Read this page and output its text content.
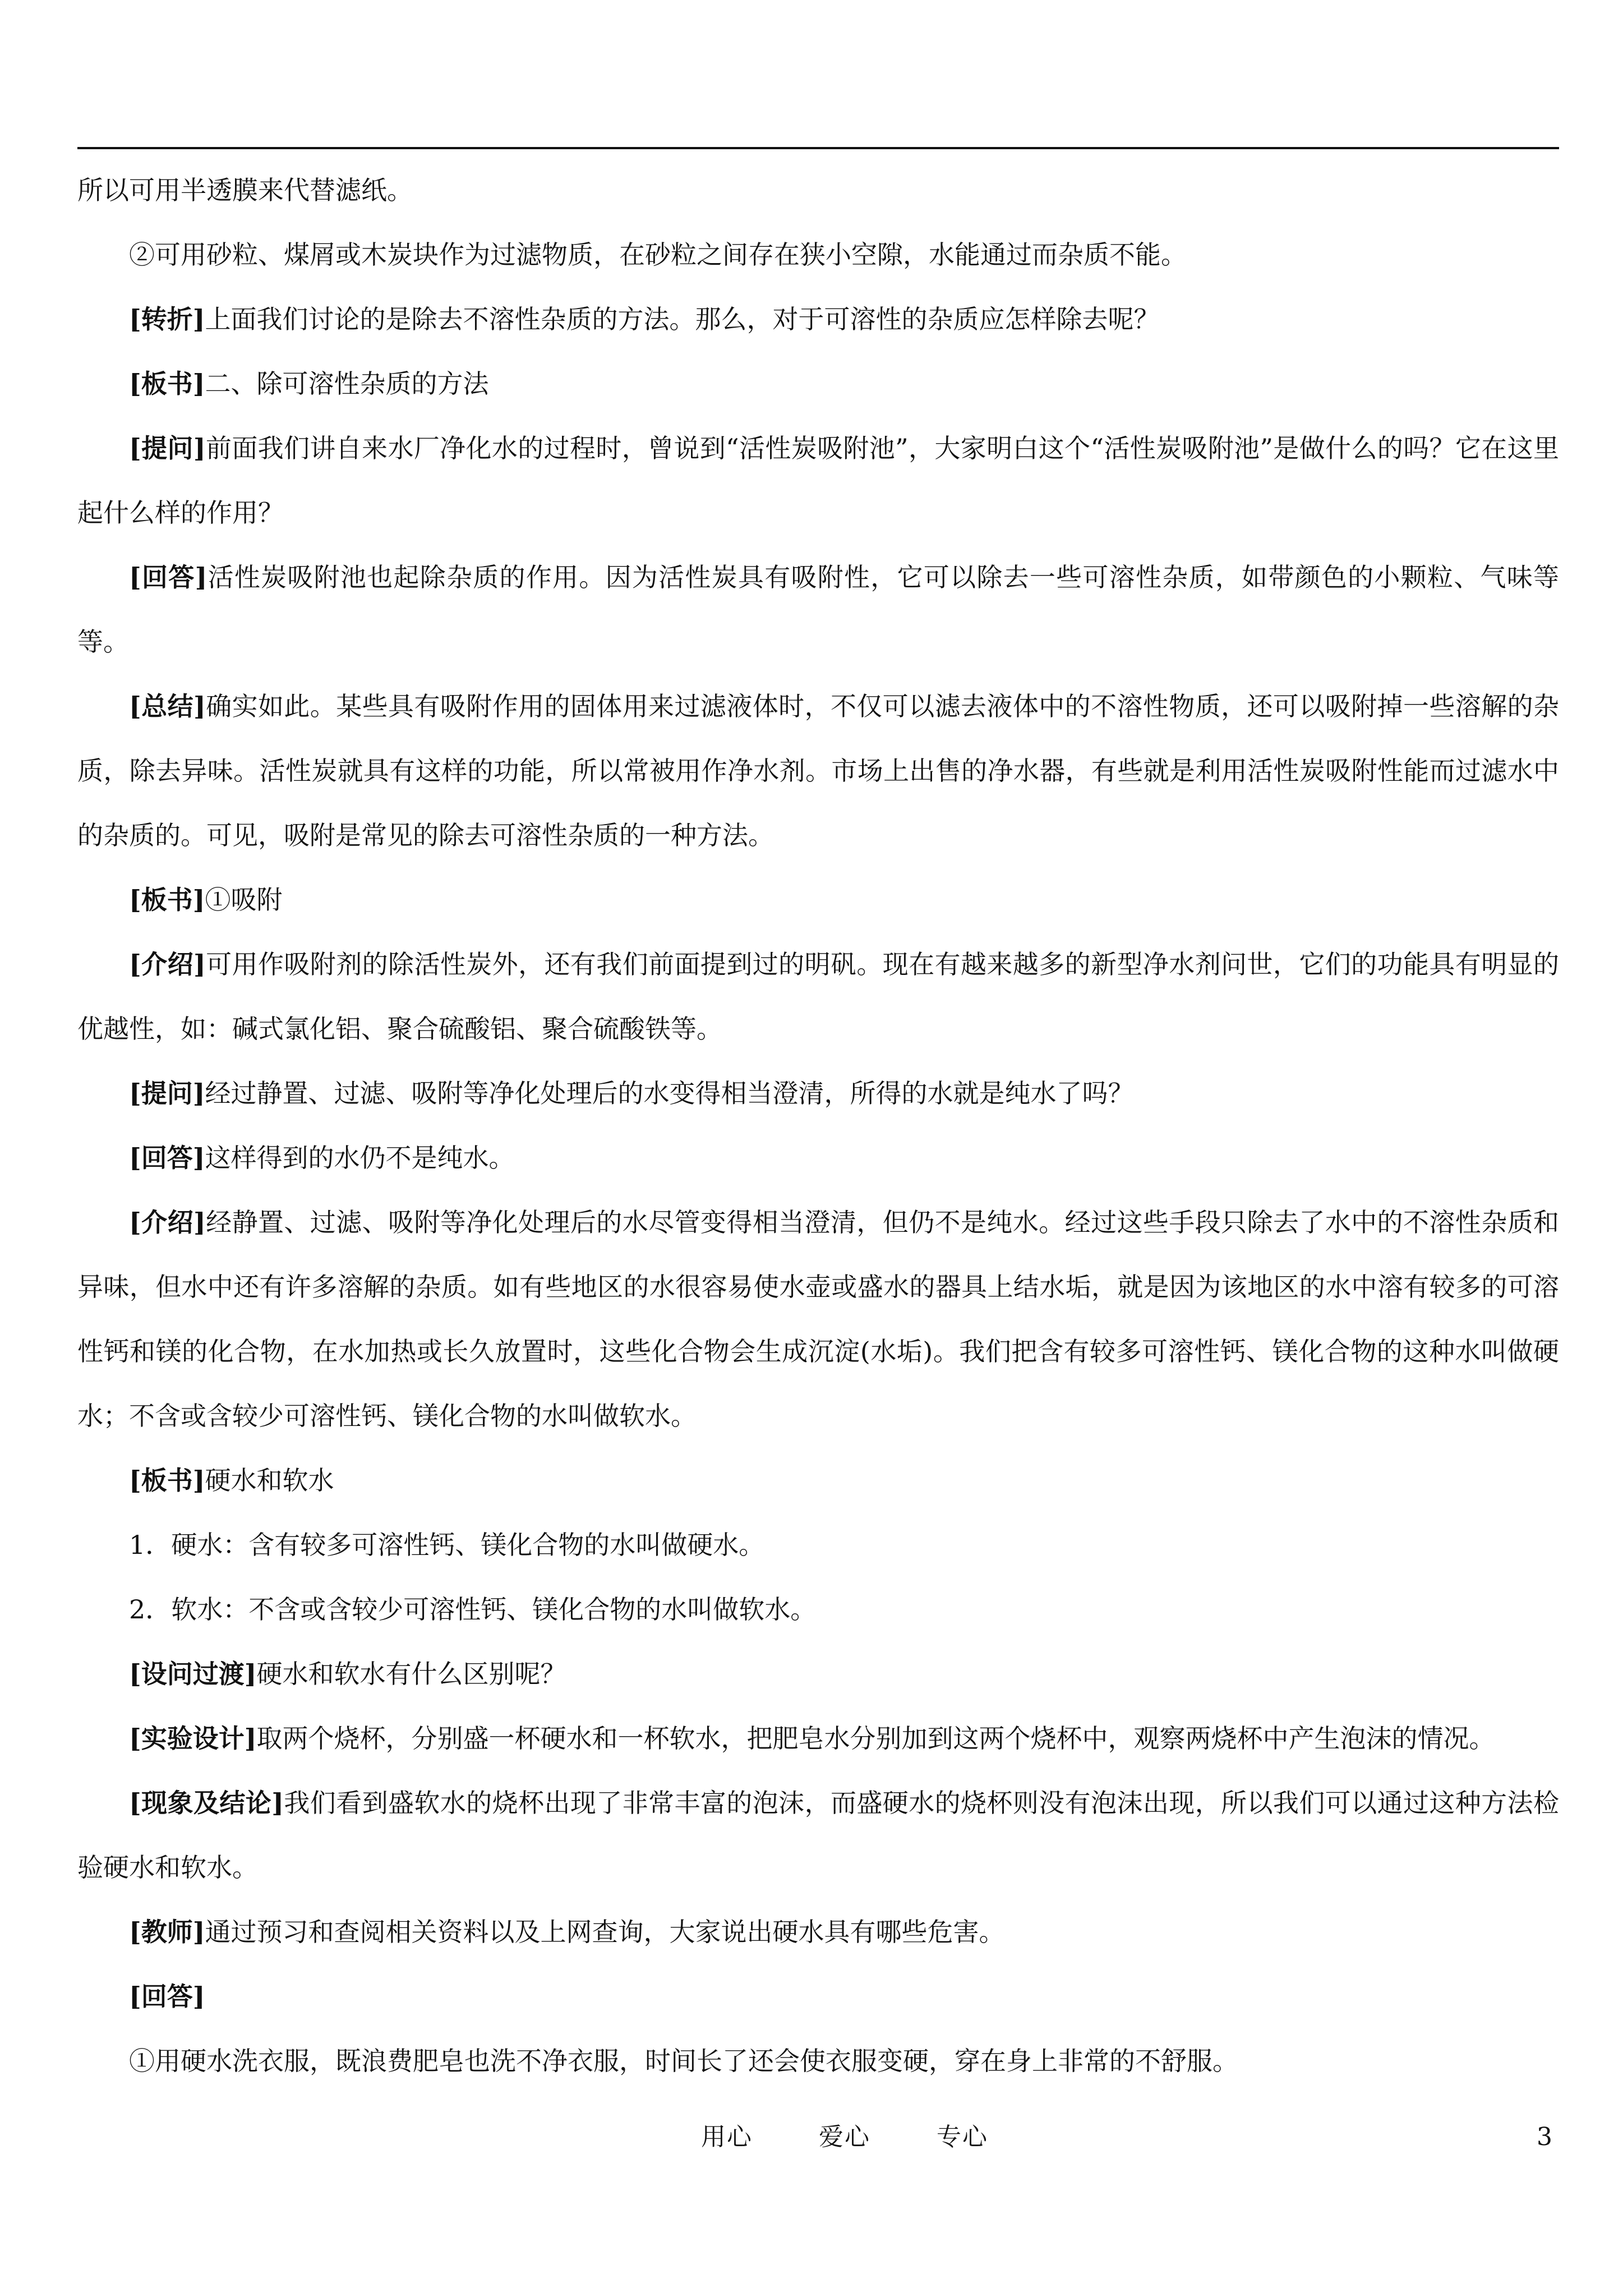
所以可用半透膜来代替滤纸。

②可用砂粒、煤屑或木炭块作为过滤物质，在砂粒之间存在狭小空隙，水能通过而杂质不能。

[转折]上面我们讨论的是除去不溶性杂质的方法。那么，对于可溶性的杂质应怎样除去呢？

[板书]二、除可溶性杂质的方法

[提问]前面我们讲自来水厂净化水的过程时，曾说到“活性炭吸附池”，大家明白这个“活性炭吸附池”是做什么的吗？它在这里起什么样的作用？

[回答]活性炭吸附池也起除杂质的作用。因为活性炭具有吸附性，它可以除去一些可溶性杂质，如带颜色的小颗粒、气味等等。

[总结]确实如此。某些具有吸附作用的固体用来过滤液体时，不仅可以滤去液体中的不溶性物质，还可以吸附掉一些溶解的杂质，除去异味。活性炭就具有这样的功能，所以常被用作净水剂。市场上出售的净水器，有些就是利用活性炭吸附性能而过滤水中的杂质的。可见，吸附是常见的除去可溶性杂质的一种方法。

[板书]①吸附

[介绍]可用作吸附剂的除活性炭外，还有我们前面提到过的明矾。现在有越来越多的新型净水剂问世，它们的功能具有明显的优越性，如：碱式氯化铝、聚合硫酸铝、聚合硫酸铁等。

[提问]经过静置、过滤、吸附等净化处理后的水变得相当澄清，所得的水就是纯水了吗？

[回答]这样得到的水仍不是纯水。

[介绍]经静置、过滤、吸附等净化处理后的水尽管变得相当澄清，但仍不是纯水。经过这些手段只除去了水中的不溶性杂质和异味，但水中还有许多溶解的杂质。如有些地区的水很容易使水壶或盛水的器具上结水垢，就是因为该地区的水中溶有较多的可溶性钙和镁的化合物，在水加热或长久放置时，这些化合物会生成沉淀(水垢)。我们把含有较多可溶性钙、镁化合物的这种水叫做硬水；不含或含较少可溶性钙、镁化合物的水叫做软水。

[板书]硬水和软水

1．硬水：含有较多可溶性钙、镁化合物的水叫做硬水。

2．软水：不含或含较少可溶性钙、镁化合物的水叫做软水。

[设问过渡]硬水和软水有什么区别呢？

[实验设计]取两个烧杯，分别盛一杯硬水和一杯软水，把肥皂水分别加到这两个烧杯中，观察两烧杯中产生泡沫的情况。

[现象及结论]我们看到盛软水的烧杯出现了非常丰富的泡沫，而盛硬水的烧杯则没有泡沫出现，所以我们可以通过这种方法检验硬水和软水。

[教师]通过预习和查阅相关资料以及上网查询，大家说出硬水具有哪些危害。

[回答]

①用硬水洗衣服，既浪费肥皂也洗不净衣服，时间长了还会使衣服变硬，穿在身上非常的不舒服。

用心	爱心	专心	3
